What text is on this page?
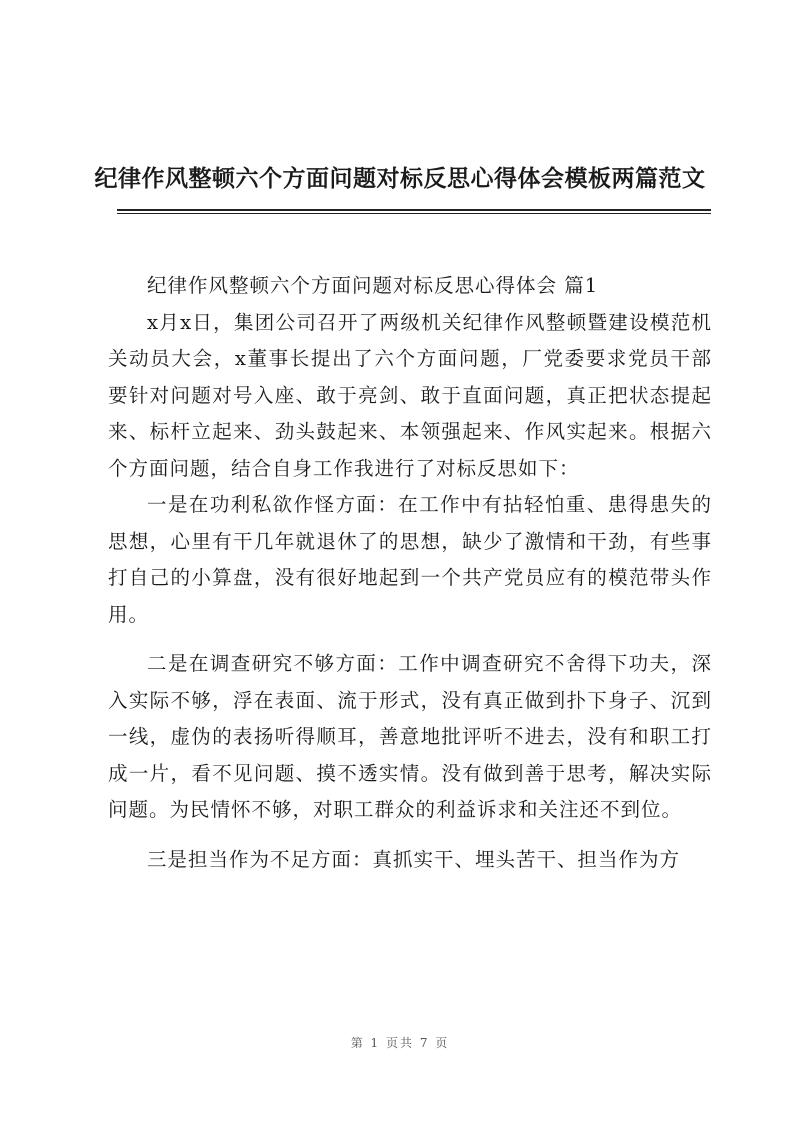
纪律作风整顿六个方面问题对标反思心得体会模板两篇范文

纪律作风整顿六个方面问题对标反思心得体会 篇1

x月x日，集团公司召开了两级机关纪律作风整顿暨建设模范机关动员大会，x董事长提出了六个方面问题，厂党委要求党员干部要针对问题对号入座、敢于亮剑、敢于直面问题，真正把状态提起来、标杆立起来、劲头鼓起来、本领强起来、作风实起来。根据六个方面问题，结合自身工作我进行了对标反思如下：

一是在功利私欲作怪方面：在工作中有拈轻怕重、患得患失的思想，心里有干几年就退休了的思想，缺少了激情和干劲，有些事打自己的小算盘，没有很好地起到一个共产党员应有的模范带头作用。

二是在调查研究不够方面：工作中调查研究不舍得下功夫，深入实际不够，浮在表面、流于形式，没有真正做到扑下身子、沉到一线，虚伪的表扬听得顺耳，善意地批评听不进去，没有和职工打成一片，看不见问题、摸不透实情。没有做到善于思考，解决实际问题。为民情怀不够，对职工群众的利益诉求和关注还不到位。

三是担当作为不足方面：真抓实干、埋头苦干、担当作为方

第 1 页共 7 页
